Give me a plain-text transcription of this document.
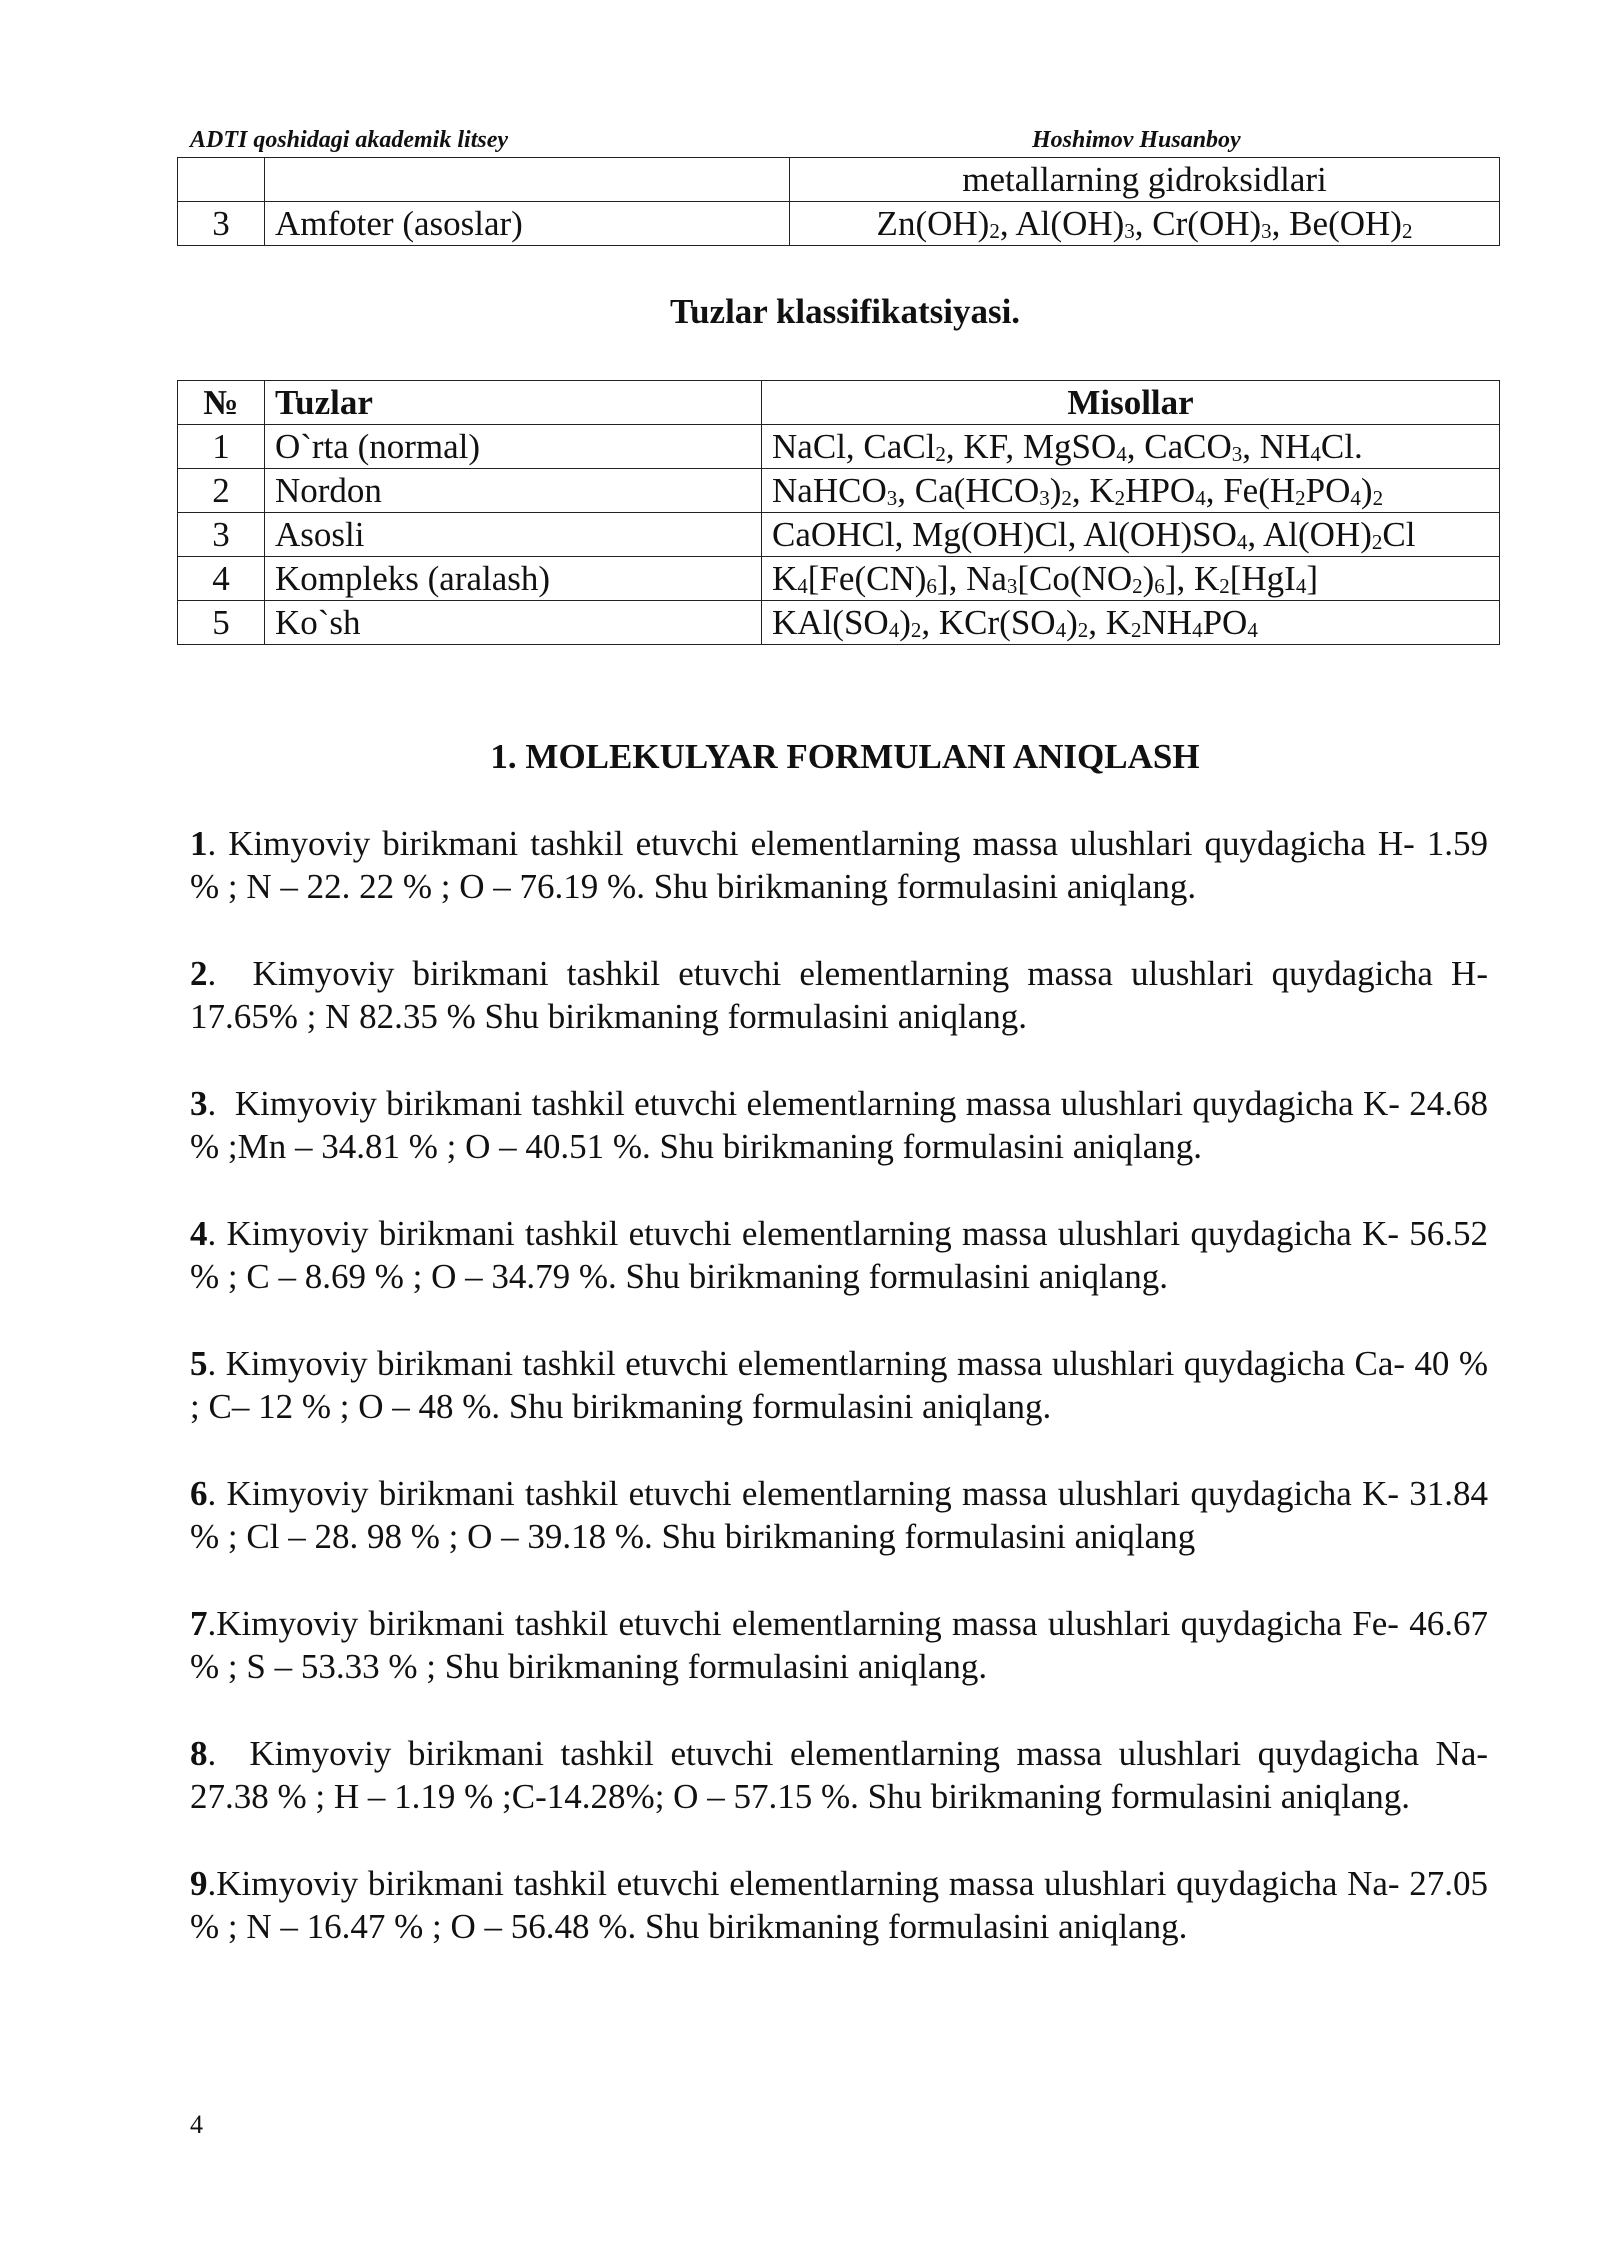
ADTI qoshidagi akademik litsey	Hoshimov Husanboy
		metallarning gidroksidlari
3	Amfoter (asoslar)	$Zn(OH)_2$, $Al(OH)_3$, $Cr(OH)_3$, $Be(OH)_2$
Tuzlar klassifikatsiyasi.
№	Tuzlar	Misollar
1	O`rta (normal)	NaCl, CaCl$_2$, KF, MgSO$_4$, CaCO$_3$, $NH_4Cl$.
2	Nordon	NaHCO$_3$, $Ca(HCO_3)_2$, $K_2HPO_4$, $Fe(H_2PO_4)_2$
3	Asosli	CaOHCl, Mg(OH)Cl, $Al(OH)SO_4$, $Al(OH)_2Cl$
4	Kompleks (aralash)	$K_4[Fe(CN)_6]$, $Na_3[Co(NO_2)_6]$, $K_2[HgI_4]$
5	Ko`sh	$KAl(SO_4)_2$, $KCr(SO_4)_2$, $K_2NH_4PO_4$
1. MOLEKULYAR FORMULANI ANIQLASH

1. Kimyoviy birikmani tashkil etuvchi elementlarning massa ulushlari quydagicha H- 1.59 % ; N – 22. 22 % ; O – 76.19 %. Shu birikmaning formulasini aniqlang.

2.  Kimyoviy birikmani tashkil etuvchi elementlarning massa ulushlari quydagicha H- 17.65% ; N 82.35 % Shu birikmaning formulasini aniqlang.

3.  Kimyoviy birikmani tashkil etuvchi elementlarning massa ulushlari quydagicha K- 24.68 % ;Mn – 34.81 % ; O – 40.51 %. Shu birikmaning formulasini aniqlang.

4. Kimyoviy birikmani tashkil etuvchi elementlarning massa ulushlari quydagicha K- 56.52 % ; C – 8.69 % ; O – 34.79 %. Shu birikmaning formulasini aniqlang.

5. Kimyoviy birikmani tashkil etuvchi elementlarning massa ulushlari quydagicha Ca- 40 % ; C– 12 % ; O – 48 %. Shu birikmaning formulasini aniqlang.

6. Kimyoviy birikmani tashkil etuvchi elementlarning massa ulushlari quydagicha K- 31.84 % ; Cl – 28. 98 % ; O – 39.18 %. Shu birikmaning formulasini aniqlang

7.Kimyoviy birikmani tashkil etuvchi elementlarning massa ulushlari quydagicha Fe- 46.67 % ; S – 53.33 % ; Shu birikmaning formulasini aniqlang.

8.  Kimyoviy birikmani tashkil etuvchi elementlarning massa ulushlari quydagicha Na- 27.38 % ; H – 1.19 % ;C-14.28%; O – 57.15 %. Shu birikmaning formulasini aniqlang.

9.Kimyoviy birikmani tashkil etuvchi elementlarning massa ulushlari quydagicha Na- 27.05 % ; N – 16.47 % ; O – 56.48 %. Shu birikmaning formulasini aniqlang.

4
